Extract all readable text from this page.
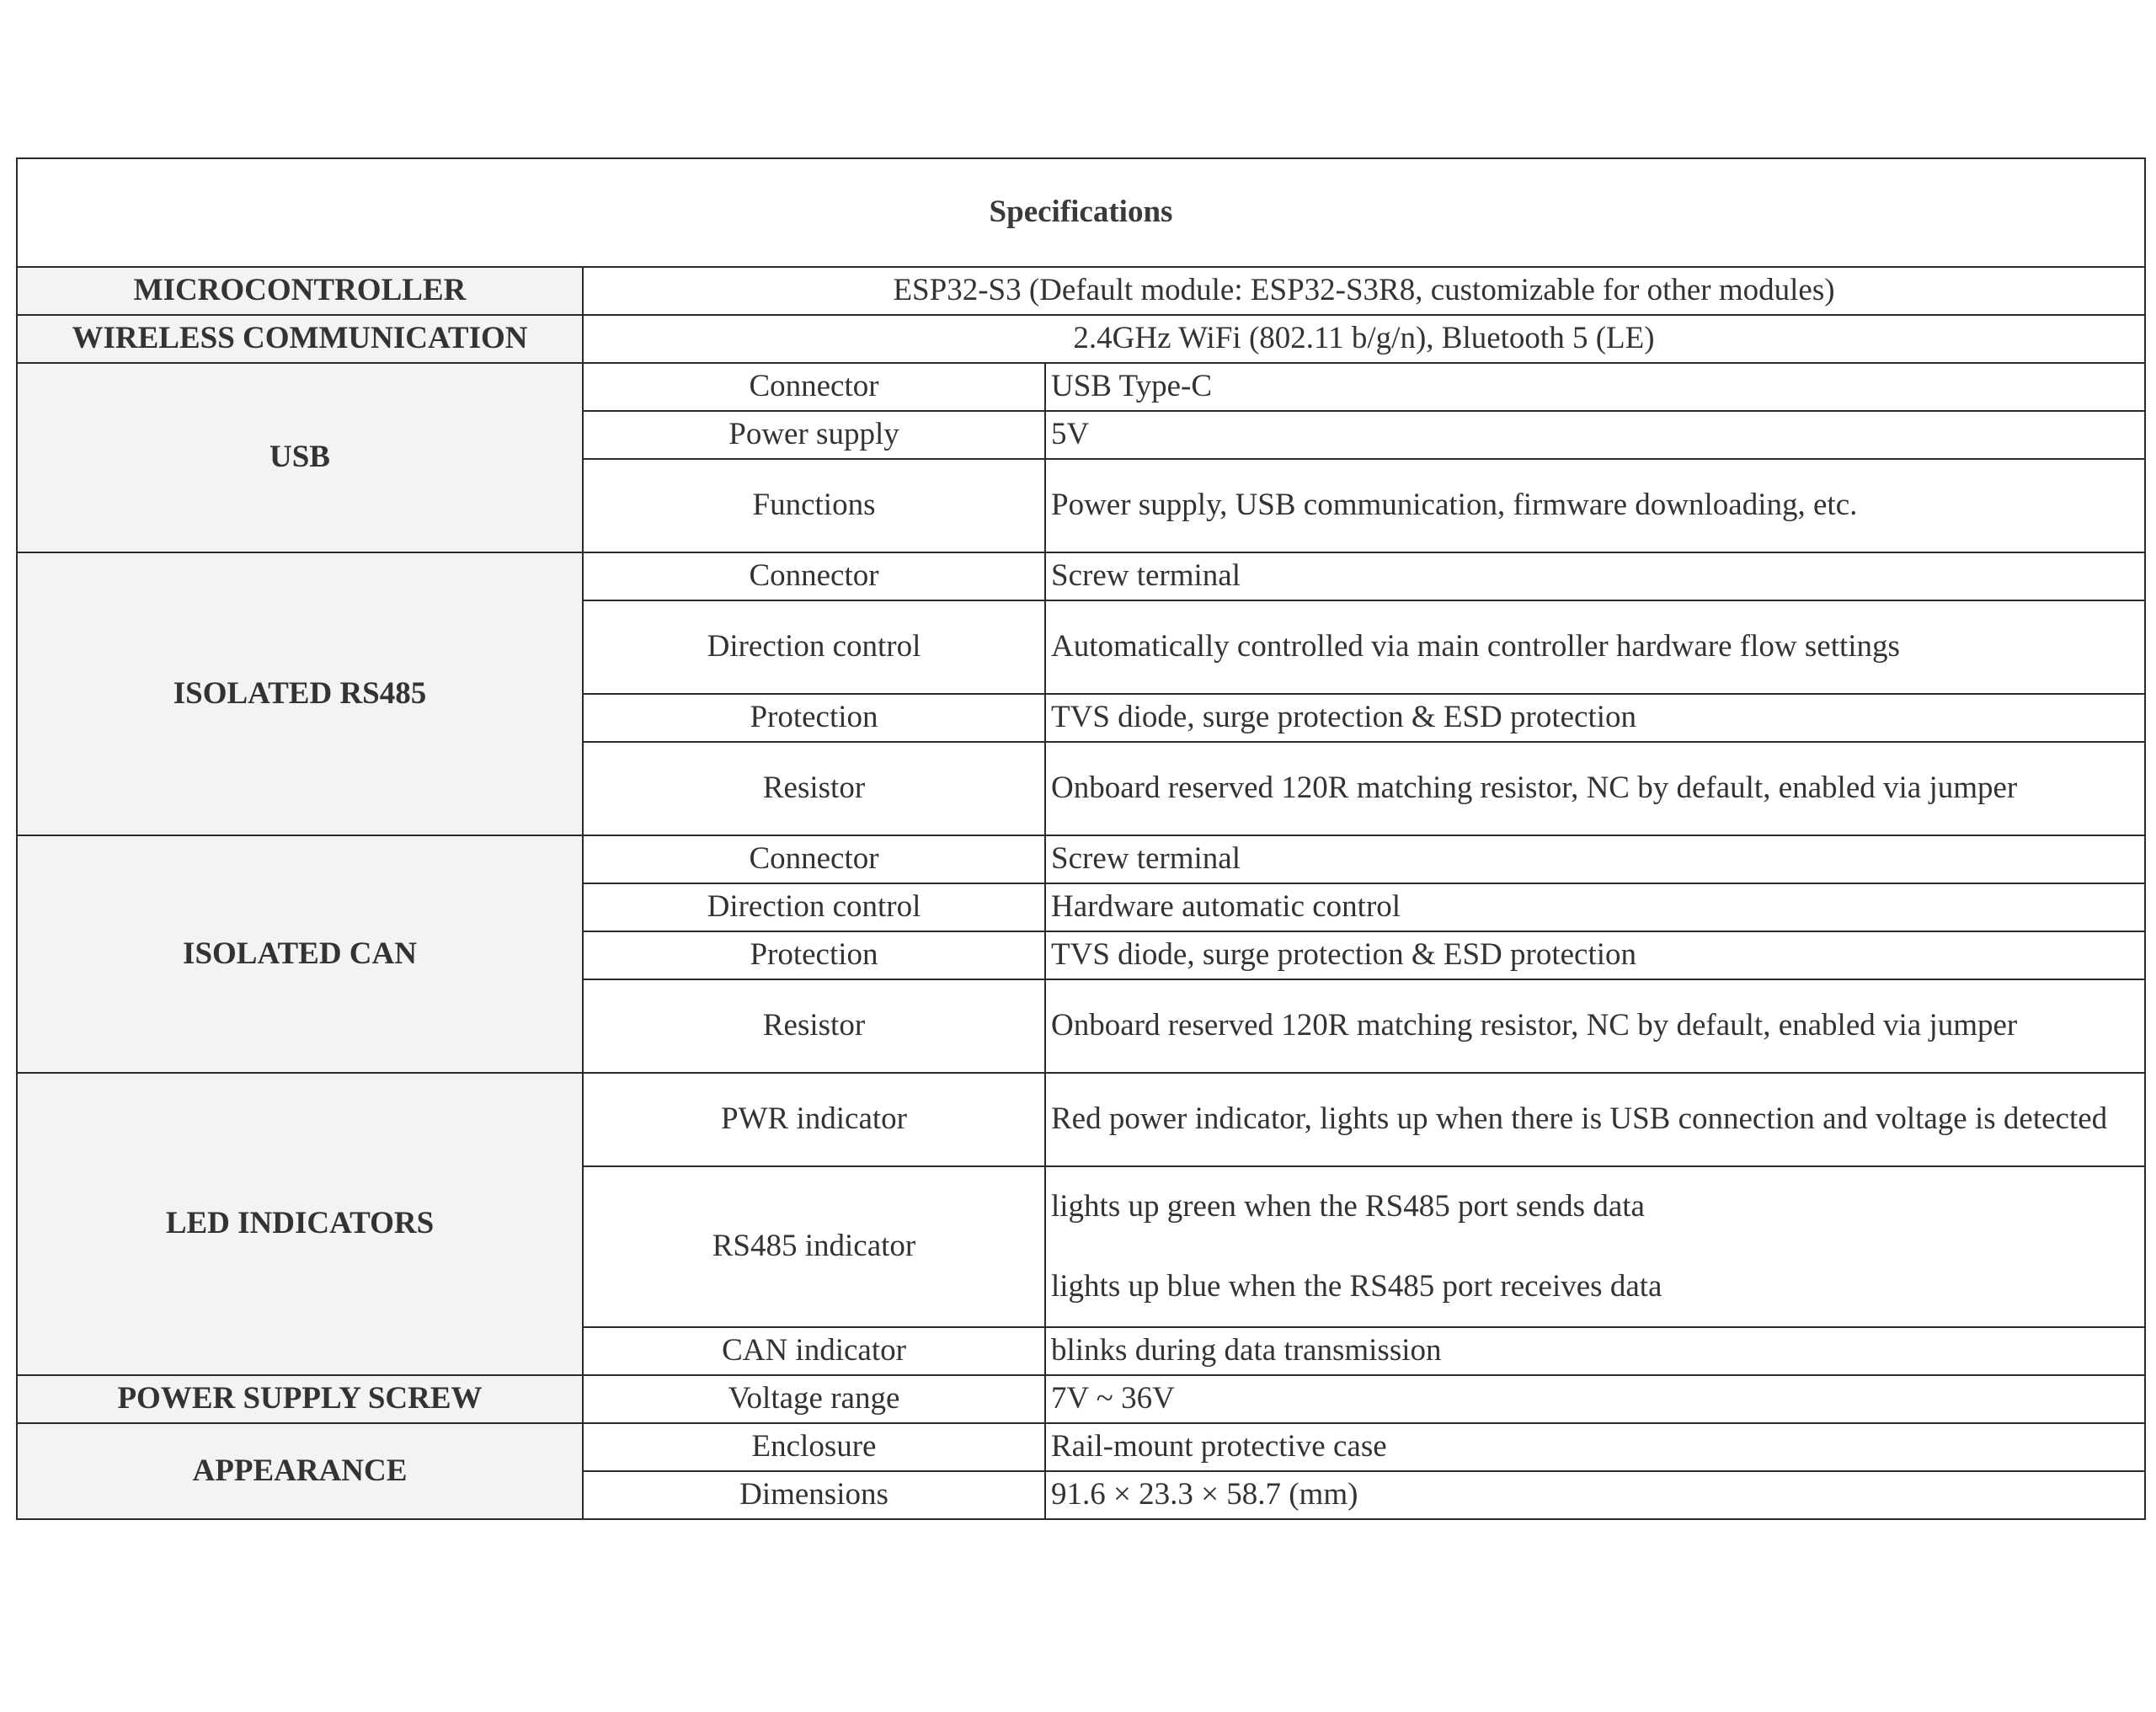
Specifications		
MICROCONTROLLER	ESP32-S3 (Default module: ESP32-S3R8, customizable for other modules)	
WIRELESS COMMUNICATION	2.4GHz WiFi (802.11 b/g/n), Bluetooth 5 (LE)	
USB	Connector	USB Type-C
	Power supply	5V
	Functions	Power supply, USB communication, firmware downloading, etc.
ISOLATED RS485	Connector	Screw terminal
	Direction control	Automatically controlled via main controller hardware flow settings
	Protection	TVS diode, surge protection & ESD protection
	Resistor	Onboard reserved 120R matching resistor, NC by default, enabled via jumper
ISOLATED CAN	Connector	Screw terminal
	Direction control	Hardware automatic control
	Protection	TVS diode, surge protection & ESD protection
	Resistor	Onboard reserved 120R matching resistor, NC by default, enabled via jumper
LED INDICATORS	PWR indicator	Red power indicator, lights up when there is USB connection and voltage is detected
	RS485 indicator	lights up green when the RS485 port sends data
lights up blue when the RS485 port receives data

	CAN indicator	blinks during data transmission
POWER SUPPLY SCREW	Voltage range	7V ~ 36V
APPEARANCE	Enclosure	Rail-mount protective case
	Dimensions	91.6 × 23.3 × 58.7 (mm)
